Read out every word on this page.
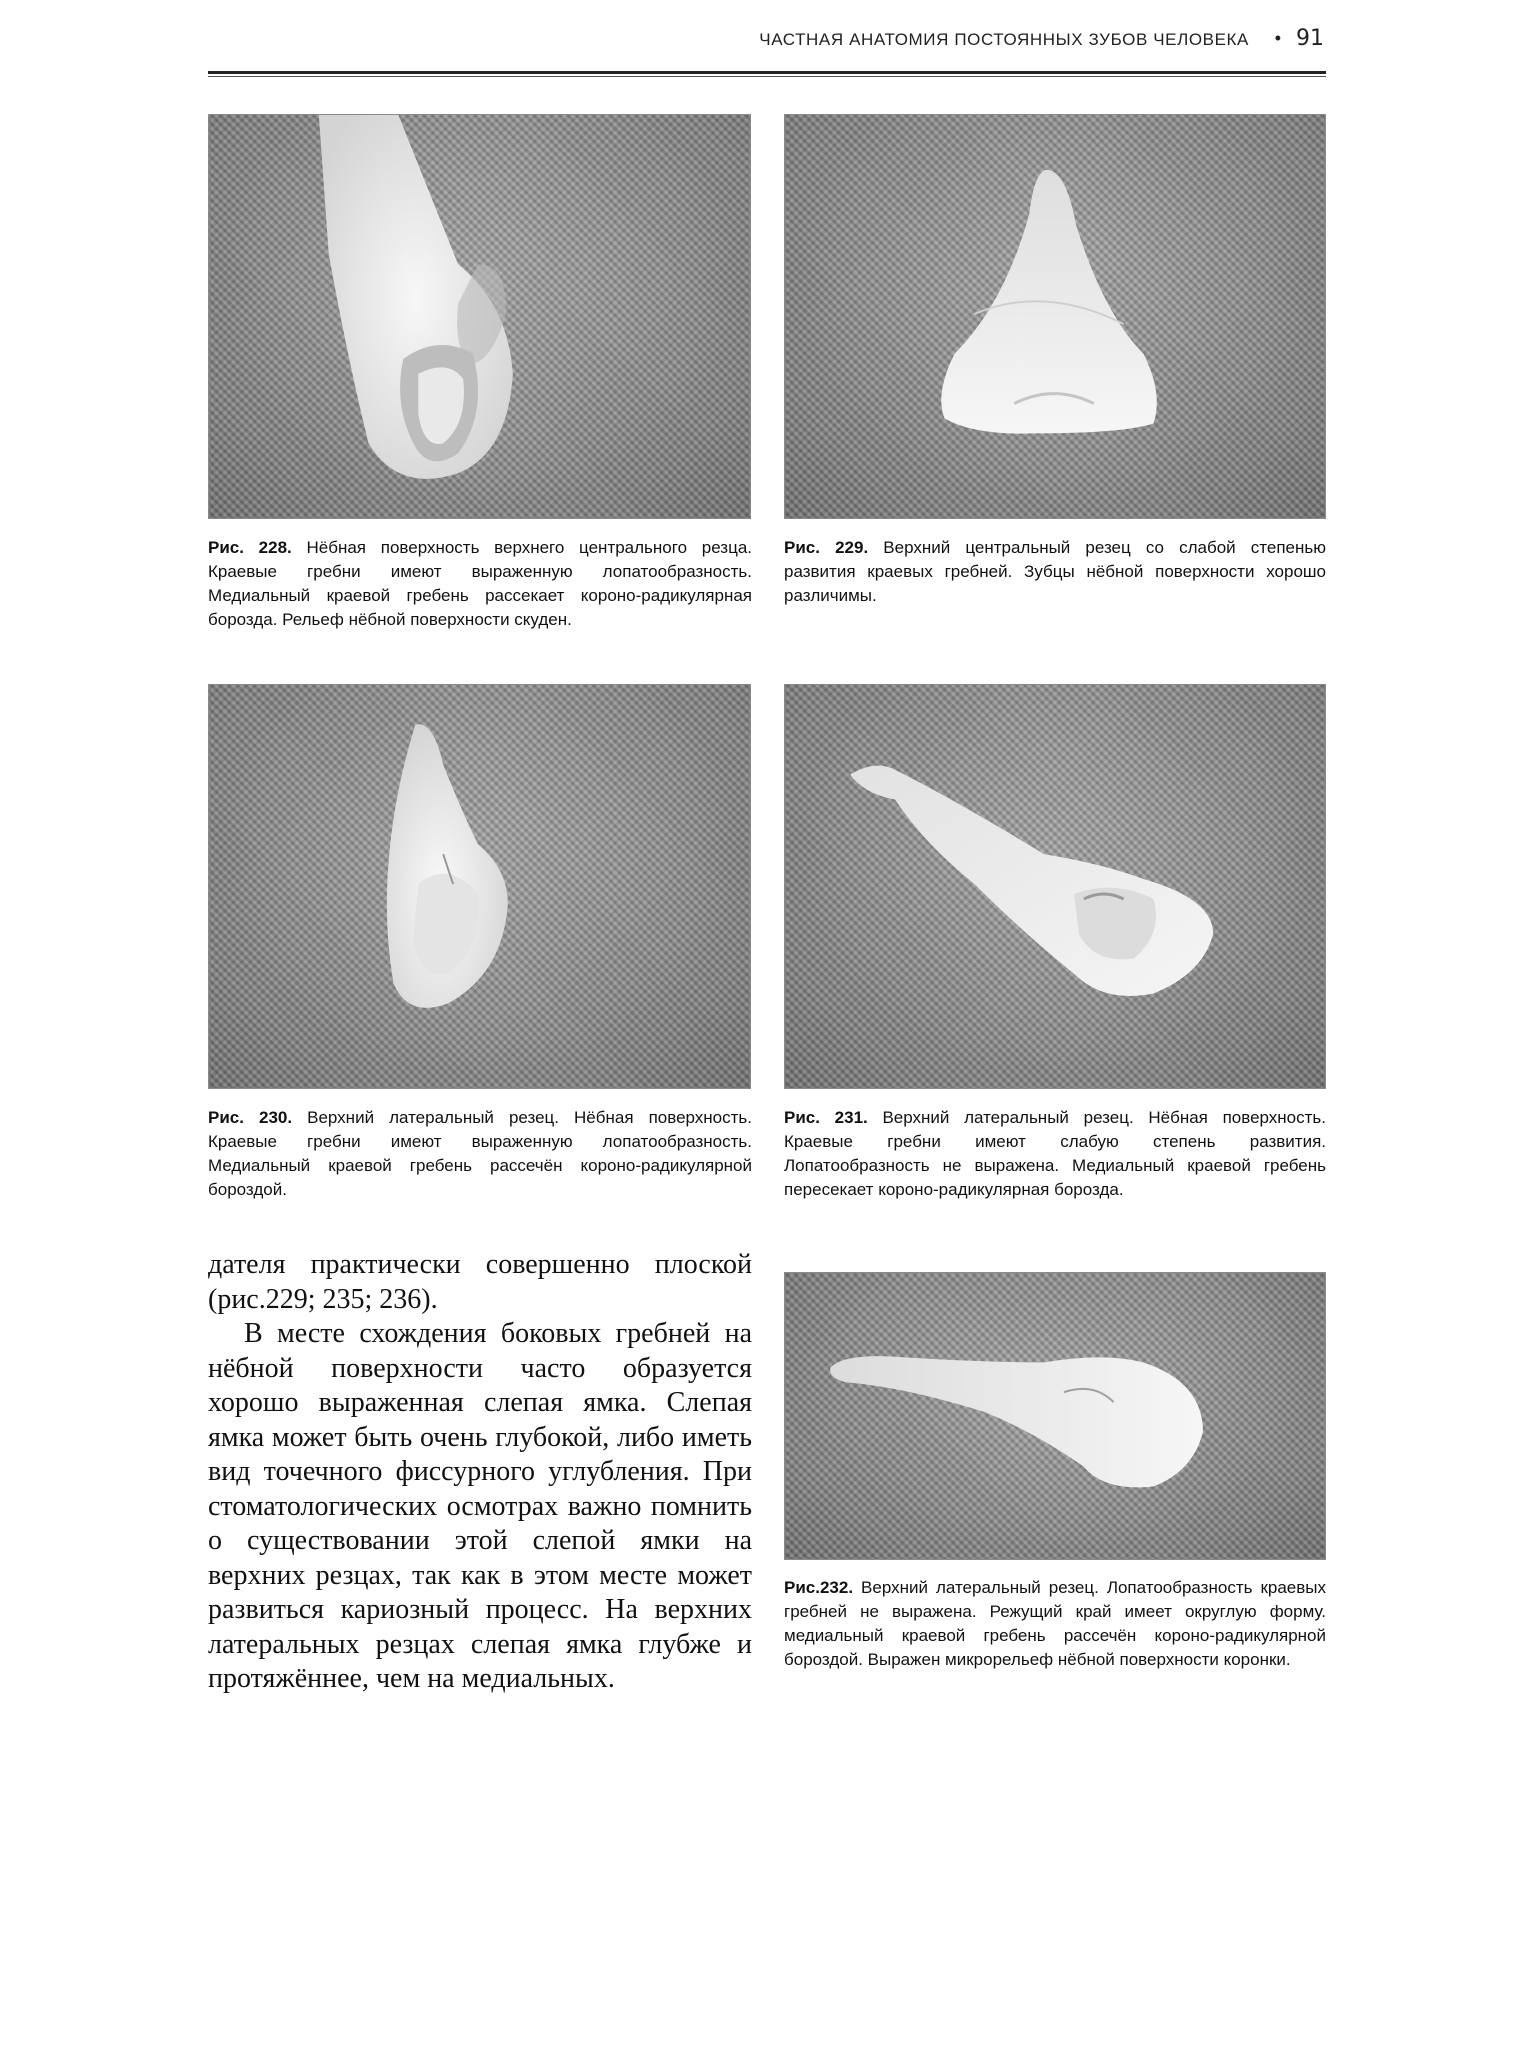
ЧАСТНАЯ АНАТОМИЯ ПОСТОЯННЫХ ЗУБОВ ЧЕЛОВЕКА • 91
Рис. 228. Нёбная поверхность верхнего центрального резца. Краевые гребни имеют выраженную лопатообразность. Медиальный краевой гребень рассекает короно-радикулярная борозда. Рельеф нёбной поверхности скуден.
Рис. 229. Верхний центральный резец со слабой степенью развития краевых гребней. Зубцы нёбной поверхности хорошо различимы.
Рис. 230. Верхний латеральный резец. Нёбная поверхность. Краевые гребни имеют выраженную лопатообразность. Медиальный краевой гребень рассечён короно-радикулярной бороздой.
Рис. 231. Верхний латеральный резец. Нёбная поверхность. Краевые гребни имеют слабую степень развития. Лопатообразность не выражена. Медиальный краевой гребень пересекает короно-радикулярная борозда.

дателя практически совершенно плоской (рис.229; 235; 236).

В месте схождения боковых гребней на нёбной поверхности часто образуется хорошо выраженная слепая ямка. Слепая ямка может быть очень глубокой, либо иметь вид точечного фиссурного углубления. При стоматологических осмотрах важно помнить о существовании этой слепой ямки на верхних резцах, так как в этом месте может развиться кариозный процесс. На верхних латеральных резцах слепая ямка глубже и протяжённее, чем на медиальных.

Рис.232. Верхний латеральный резец. Лопатообразность краевых гребней не выражена. Режущий край имеет округлую форму. медиальный краевой гребень рассечён короно-радикулярной бороздой. Выражен микрорельеф нёбной поверхности коронки.
